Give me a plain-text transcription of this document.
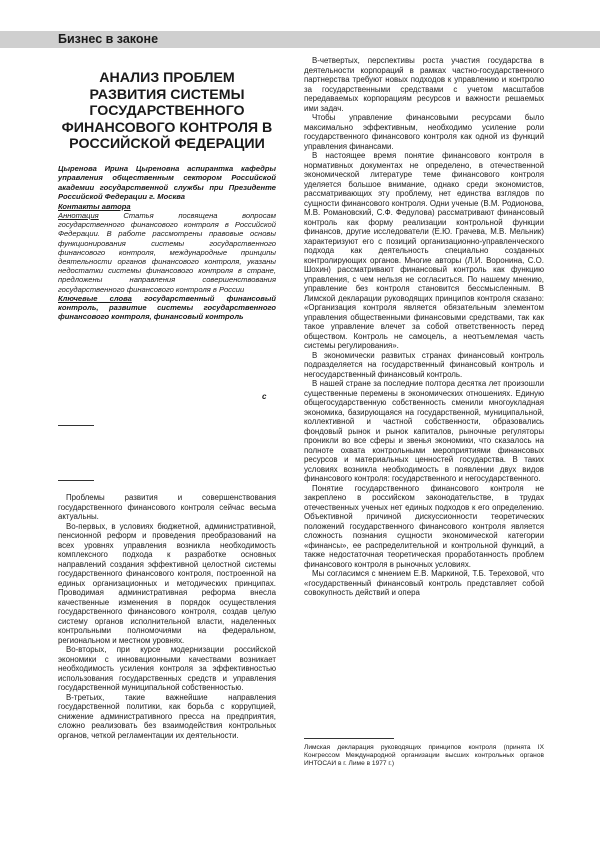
Бизнес в законе
АНАЛИЗ ПРОБЛЕМ
РАЗВИТИЯ СИСТЕМЫ
ГОСУДАРСТВЕННОГО
ФИНАНСОВОГО КОНТРОЛЯ В
РОССИЙСКОЙ ФЕДЕРАЦИИ
Цыренова Ирина Цыреновна аспирантка кафедры управления общественным сектором Российской академии государственной службы при Президенте Российской Федерации г. Москва
Контакты автора
Аннотация	Статья посвящена вопросам государственного финансового контроля в Российской Федерации. В работе рассмотрены правовые основы функционирования системы государственного финансового контроля, международные принципы деятельности органов финансового контроля, указаны недостатки системы финансового контроля в стране, предложены направления совершенствования государственного финансового контроля в России
Ключевые слова государственный финансовый контроль, развитие системы государственного финансового контроля, финансовый контроль
с

Проблемы развития и совершенствования государственного финансового контроля сейчас весьма актуальны.

Во-первых, в условиях бюджетной, административной, пенсионной реформ и проведения преобразований на всех уровнях управления возникла необходимость комплексного подхода к разработке основных направлений создания эффективной целостной системы государственного финансового контроля, построенной на единых организационных и методических принципах. Проводимая административная реформа внесла качественные изменения в порядок осуществления государственного финансового контроля, создав целую систему органов исполнительной власти, наделенных контрольными полномочиями на федеральном, региональном и местном уровнях.

Во-вторых, при курсе модернизации российской экономики с инновационными качествами возникает необходимость усиления контроля за эффективностью использования государственных средств и управления государственной муниципальной собственностью.

В-третьих, такие важнейшие направления государственной политики, как борьба с коррупцией, снижение административного пресса на предприятия, сложно реализовать без взаимодействия контрольных органов, четкой регламентации их деятельности.

В-четвертых, перспективы роста участия государства в деятельности корпораций в рамках частно-государственного партнерства требуют новых подходов к управлению и контролю за государственными средствами с учетом масштабов передаваемых корпорациям ресурсов и важности решаемых ими задач.

Чтобы управление финансовыми ресурсами было максимально эффективным, необходимо усиление роли государственного финансового контроля как одной из функций управления финансами.

В настоящее время понятие финансового контроля в нормативных документах не определено, в отечественной экономической литературе теме финансового контроля уделяется большое внимание, однако среди экономистов, рассматривающих эту проблему, нет единства взглядов по сущности финансового контроля. Одни ученые (В.М. Родионова, М.В. Романовский, С.Ф. Федулова) рассматривают финансовый контроль как форму реализации контрольной функции финансов, другие исследователи (Е.Ю. Грачева, М.В. Мельник) характеризуют его с позиций организационно-управленческого подхода как деятельность специально созданных контролирующих органов. Многие авторы (Л.И. Воронина, С.О. Шохин) рассматривают финансовый контроль как функцию управления, с чем нельзя не согласиться. По нашему мнению, управление без контроля становится бессмысленным. В Лимской декларации руководящих принципов контроля сказано: «Организация контроля является обязательным элементом управления общественными финансовыми средствами, так как такое управление влечет за собой ответственность перед обществом. Контроль не самоцель, а неотъемлемая часть системы регулирования».

В экономически развитых странах финансовый контроль подразделяется на государственный финансовый контроль и негосударственный финансовый контроль.

В нашей стране за последние полтора десятка лет произошли существенные перемены в экономических отношениях. Единую общегосударственную собственность сменили многоукладная экономика, базирующаяся на государственной, муниципальной, коллективной и частной собственности, образовались фондовый рынок и рынок капиталов, рыночные регуляторы проникли во все сферы и звенья экономики, что сказалось на полноте охвата контрольными мероприятиями финансовых ресурсов и материальных ценностей государства. В таких условиях возникла необходимость в появлении двух видов финансового контроля: государственного и негосударственного.

Понятие государственного финансового контроля не закреплено в российском законодательстве, в трудах отечественных ученых нет единых подходов к его определению. Объективной причиной дискуссионности теоретических положений государственного финансового контроля является сложность познания сущности экономической категории «финансы», ее распределительной и контрольной функций, а также недостаточная теоретическая проработанность проблем финансового контроля в рыночных условиях.

Мы согласимся с мнением Е.В. Маркиной, Т.Б. Тереховой, что «государственный финансовый контроль представляет собой совокупность действий и опера

Лимская декларация руководящих принципов контроля (принята IX Конгрессом Международной организации высших контрольных органов ИНТОСАИ в г. Лиме в 1977 г.)
